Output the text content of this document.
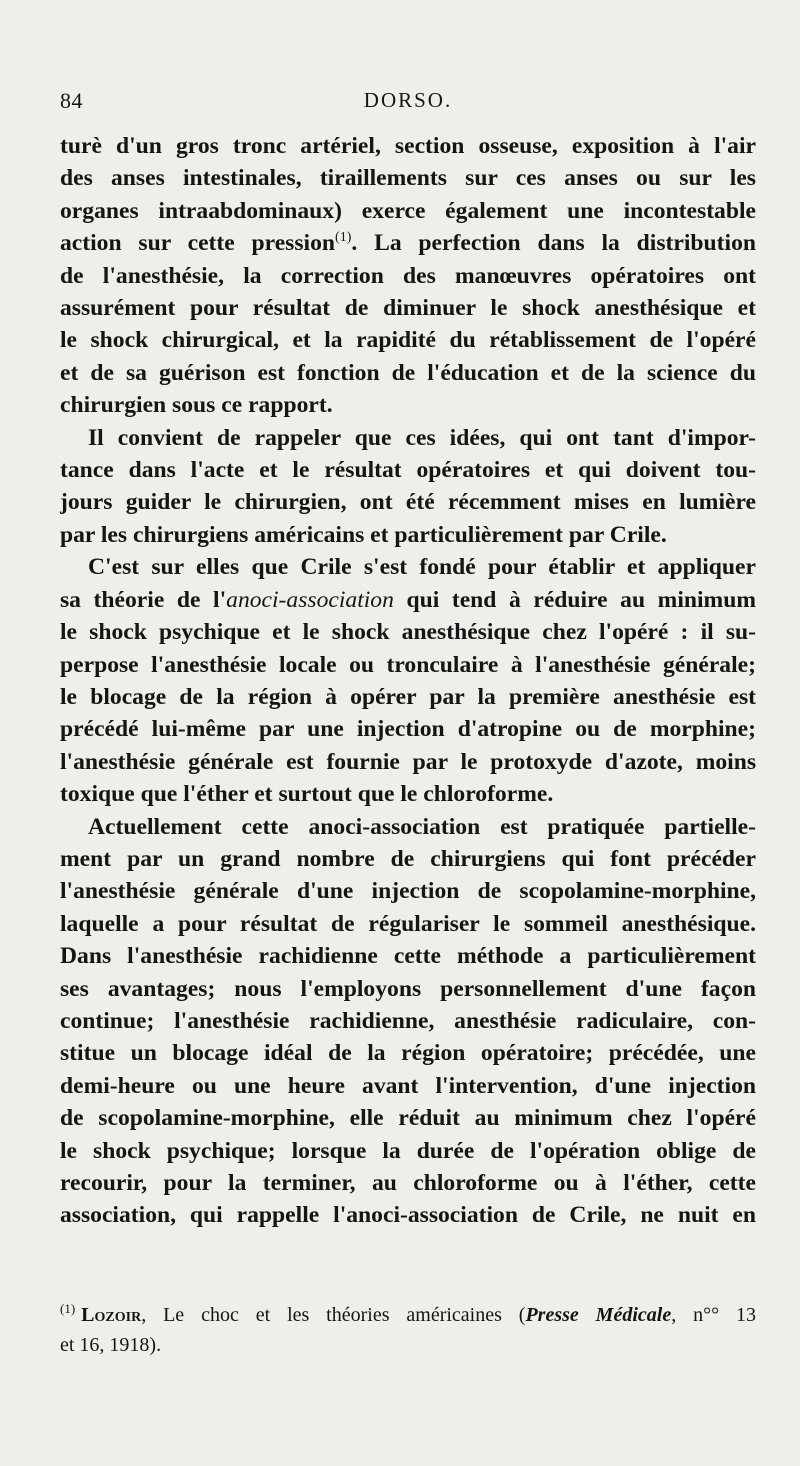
84	DORSO.
turè d'un gros tronc artériel, section osseuse, exposition à l'air
des anses intestinales, tiraillements sur ces anses ou sur les
organes intraabdominaux) exerce également une incontestable
action sur cette pression$^{(1)}$. La perfection dans la distribution
de l'anesthésie, la correction des manœuvres opératoires ont
assurément pour résultat de diminuer le shock anesthésique et
le shock chirurgical, et la rapidité du rétablissement de l'opéré
et de sa guérison est fonction de l'éducation et de la science du
chirurgien sous ce rapport.
Il convient de rappeler que ces idées, qui ont tant d'impor-
tance dans l'acte et le résultat opératoires et qui doivent tou-
jours guider le chirurgien, ont été récemment mises en lumière
par les chirurgiens américains et particulièrement par Crile.
C'est sur elles que Crile s'est fondé pour établir et appliquer
sa théorie de l'anoci-association qui tend à réduire au minimum
le shock psychique et le shock anesthésique chez l'opéré : il su-
perpose l'anesthésie locale ou tronculaire à l'anesthésie générale;
le blocage de la région à opérer par la première anesthésie est
précédé lui-même par une injection d'atropine ou de morphine;
l'anesthésie générale est fournie par le protoxyde d'azote, moins
toxique que l'éther et surtout que le chloroforme.
Actuellement cette anoci-association est pratiquée partielle-
ment par un grand nombre de chirurgiens qui font précéder
l'anesthésie générale d'une injection de scopolamine-morphine,
laquelle a pour résultat de régulariser le sommeil anesthésique.
Dans l'anesthésie rachidienne cette méthode a particulièrement
ses avantages; nous l'employons personnellement d'une façon
continue; l'anesthésie rachidienne, anesthésie radiculaire, con-
stitue un blocage idéal de la région opératoire; précédée, une
demi-heure ou une heure avant l'intervention, d'une injection
de scopolamine-morphine, elle réduit au minimum chez l'opéré
le shock psychique; lorsque la durée de l'opération oblige de
recourir, pour la terminer, au chloroforme ou à l'éther, cette
association, qui rappelle l'anoci-association de Crile, ne nuit en
$^{(1)}$ Lozoir, Le choc et les théories américaines (Presse Médicale, n°° 13
et 16, 1918).
